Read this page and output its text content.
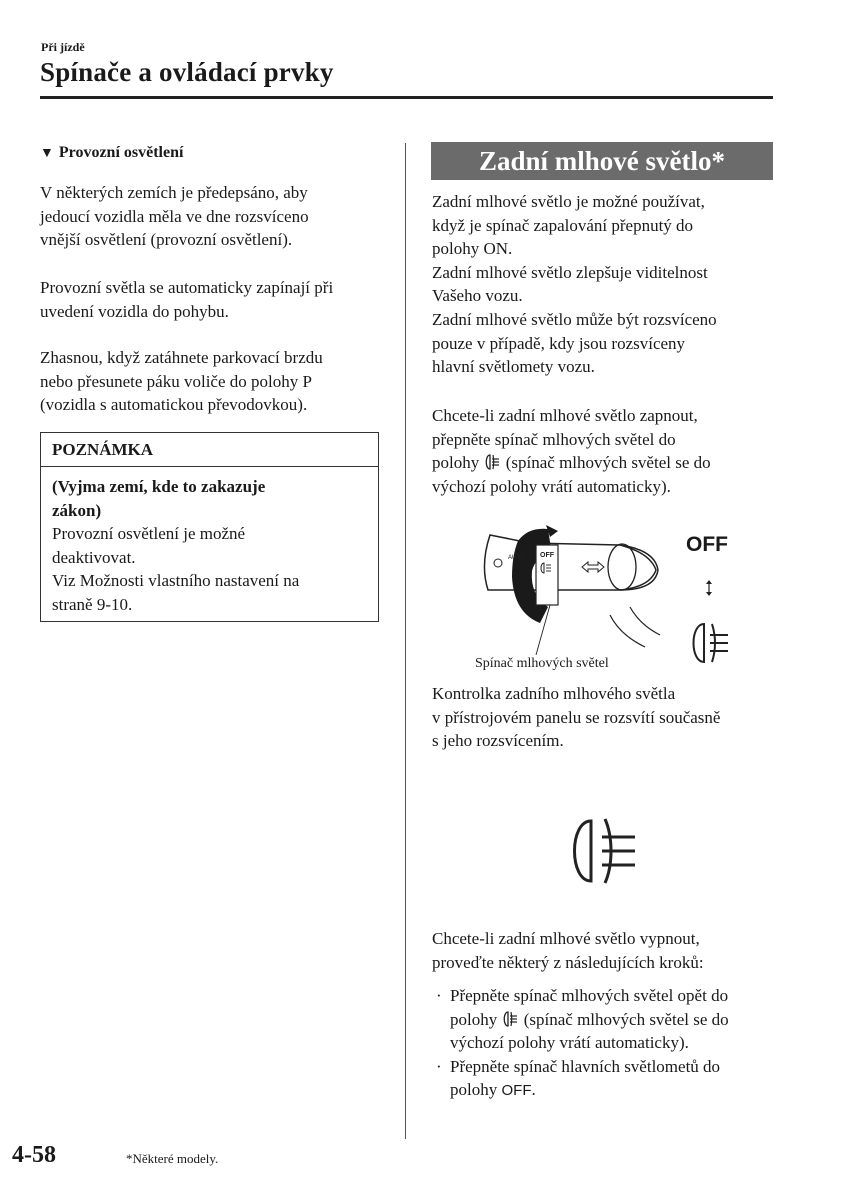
Při jízdě
Spínače a ovládací prvky
▼ Provozní osvětlení
V některých zemích je předepsáno, aby
jedoucí vozidla měla ve dne rozsvíceno
vnější osvětlení (provozní osvětlení).
Provozní světla se automaticky zapínají při
uvedení vozidla do pohybu.
Zhasnou, když zatáhnete parkovací brzdu
nebo přesunete páku voliče do polohy P
(vozidla s automatickou převodovkou).
POZNÁMKA
(Vyjma zemí, kde to zakazuje
zákon)
Provozní osvětlení je možné
deaktivovat.
Viz Možnosti vlastního nastavení na
straně 9-10.
Zadní mlhové světlo*
Zadní mlhové světlo je možné používat,
když je spínač zapalování přepnutý do
polohy ON.
Zadní mlhové světlo zlepšuje viditelnost
Vašeho vozu.
Zadní mlhové světlo může být rozsvíceno
pouze v případě, kdy jsou rozsvíceny
hlavní světlomety vozu.
Chcete-li zadní mlhové světlo zapnout,
přepněte spínač mlhových světel do
polohy (spínač mlhových světel se do
výchozí polohy vrátí automaticky).
OFF
AUTO
OFF
Spínač mlhových světel
Kontrolka zadního mlhového světla
v přístrojovém panelu se rozsvítí současně
s jeho rozsvícením.
Chcete-li zadní mlhové světlo vypnout,
proveďte některý z následujících kroků:
· Přepněte spínač mlhových světel opět do
polohy (spínač mlhových světel se do
výchozí polohy vrátí automaticky).
· Přepněte spínač hlavních světlometů do
polohy OFF.
4-58	*Některé modely.
